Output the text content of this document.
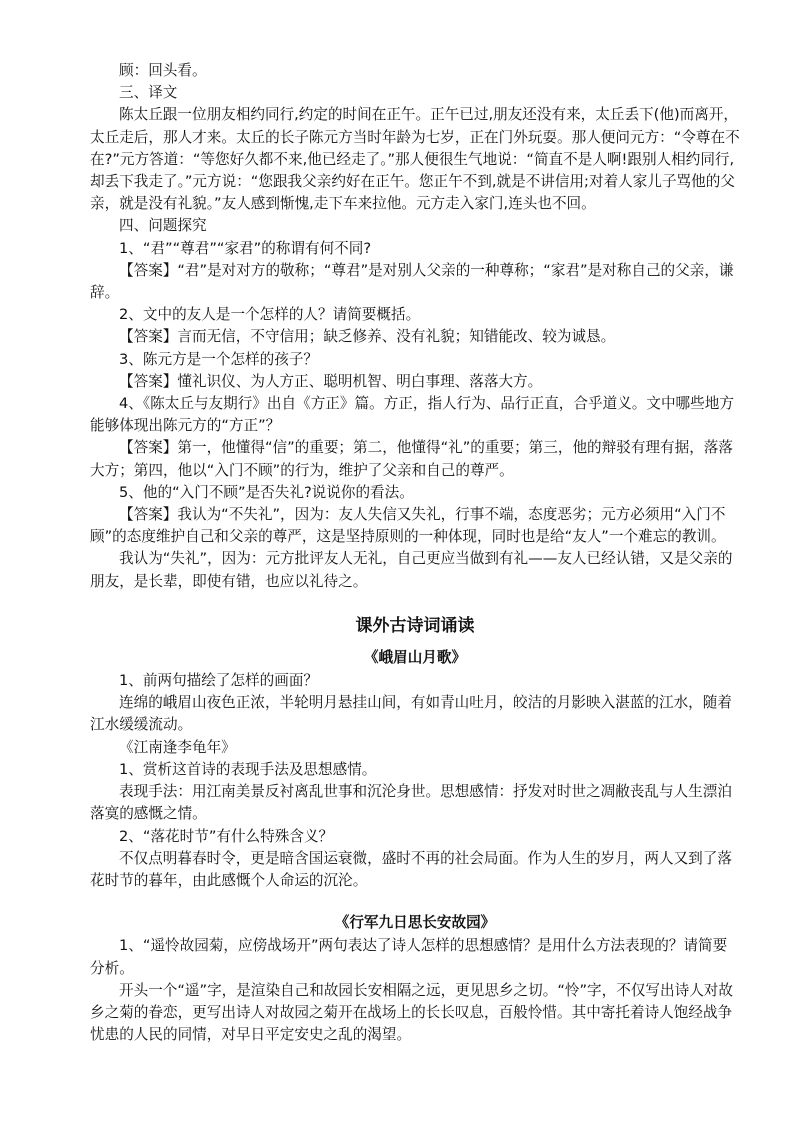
顾：回头看。

三、译文

陈太丘跟一位朋友相约同行,约定的时间在正午。正午已过,朋友还没有来，太丘丢下(他)而离开，太丘走后，那人才来。太丘的长子陈元方当时年龄为七岁，正在门外玩耍。那人便问元方：“令尊在不在?”元方答道：“等您好久都不来,他已经走了。”那人便很生气地说：“简直不是人啊!跟别人相约同行,却丢下我走了。”元方说：“您跟我父亲约好在正午。您正午不到,就是不讲信用;对着人家儿子骂他的父亲，就是没有礼貌。”友人感到惭愧,走下车来拉他。元方走入家门,连头也不回。

四、问题探究

1、“君”“尊君”“家君”的称谓有何不同?

【答案】“君”是对对方的敬称；“尊君”是对别人父亲的一种尊称；“家君”是对称自己的父亲，谦辞。

2、文中的友人是一个怎样的人？请简要概括。

【答案】言而无信，不守信用；缺乏修养、没有礼貌；知错能改、较为诚恳。

3、陈元方是一个怎样的孩子？

【答案】懂礼识仪、为人方正、聪明机智、明白事理、落落大方。

4、《陈太丘与友期行》出自《方正》篇。方正，指人行为、品行正直，合乎道义。文中哪些地方能够体现出陈元方的“方正”？

【答案】第一，他懂得“信”的重要；第二，他懂得“礼”的重要；第三，他的辩驳有理有据，落落大方；第四，他以“入门不顾”的行为，维护了父亲和自己的尊严。

5、他的“入门不顾”是否失礼?说说你的看法。

【答案】我认为“不失礼”，因为：友人失信又失礼，行事不端，态度恶劣；元方必须用“入门不顾”的态度维护自己和父亲的尊严，这是坚持原则的一种体现，同时也是给“友人”一个难忘的教训。

我认为“失礼”，因为：元方批评友人无礼，自己更应当做到有礼——友人已经认错，又是父亲的朋友，是长辈，即使有错，也应以礼待之。

课外古诗词诵读

《峨眉山月歌》

1、前两句描绘了怎样的画面？

连绵的峨眉山夜色正浓，半轮明月悬挂山间，有如青山吐月，皎洁的月影映入湛蓝的江水，随着江水缓缓流动。

《江南逢李龟年》

1、赏析这首诗的表现手法及思想感情。

表现手法：用江南美景反衬离乱世事和沉沦身世。思想感情：抒发对时世之凋敝丧乱与人生漂泊落寞的感慨之情。

2、“落花时节”有什么特殊含义？

不仅点明暮春时令，更是暗含国运衰微，盛时不再的社会局面。作为人生的岁月，两人又到了落花时节的暮年，由此感慨个人命运的沉沦。

《行军九日思长安故园》

1、“遥怜故园菊，应傍战场开”两句表达了诗人怎样的思想感情？是用什么方法表现的？请简要分析。

开头一个“遥”字，是渲染自己和故园长安相隔之远，更见思乡之切。“怜”字，不仅写出诗人对故乡之菊的眷恋，更写出诗人对故园之菊开在战场上的长长叹息，百般怜惜。其中寄托着诗人饱经战争忧患的人民的同情，对早日平定安史之乱的渴望。
